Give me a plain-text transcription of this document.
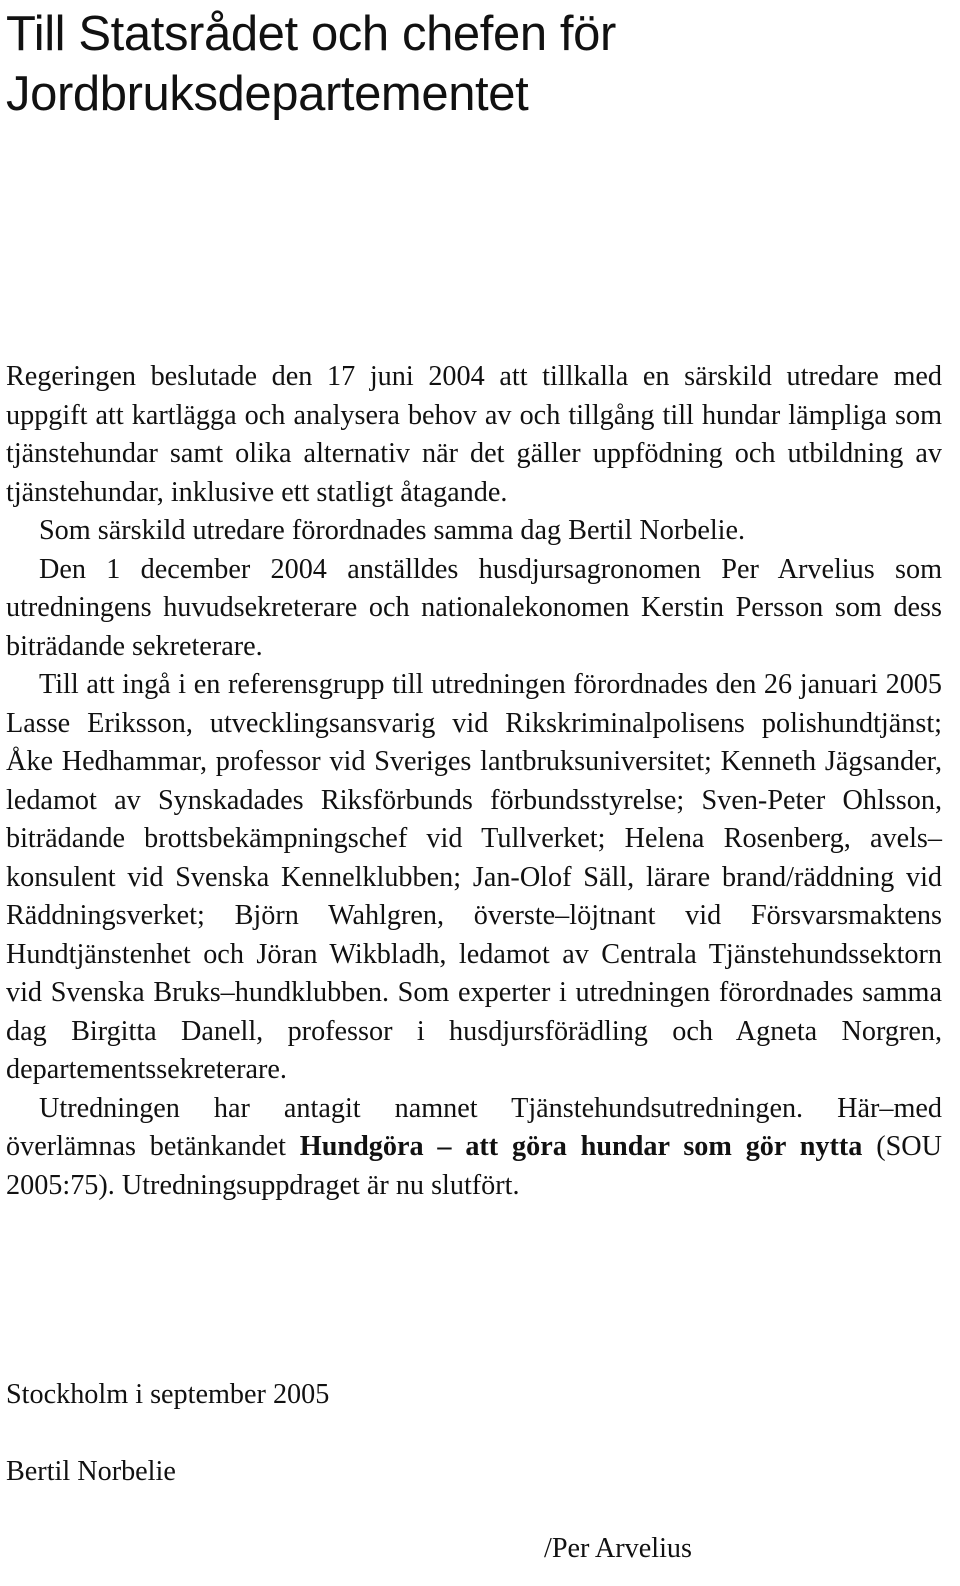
Till Statsrådet och chefen för
Jordbruksdepartementet

Regeringen beslutade den 17 juni 2004 att tillkalla en särskild utredare med uppgift att kartlägga och analysera behov av och tillgång till hundar lämpliga som tjänstehundar samt olika alternativ när det gäller uppfödning och utbildning av tjänstehundar, inklusive ett statligt åtagande.

Som särskild utredare förordnades samma dag Bertil Norbelie.

Den 1 december 2004 anställdes husdjursagronomen Per Arvelius som utredningens huvudsekreterare och nationalekonomen Kerstin Persson som dess biträdande sekreterare.

Till att ingå i en referensgrupp till utredningen förordnades den 26 januari 2005 Lasse Eriksson, utvecklingsansvarig vid Rikskriminalpolisens polishundtjänst; Åke Hedhammar, professor vid Sveriges lantbruksuniversitet; Kenneth Jägsander, ledamot av Synskadades Riksförbunds förbundsstyrelse; Sven-Peter Ohlsson, biträdande brottsbekämpningschef vid Tullverket; Helena Rosenberg, avels–konsulent vid Svenska Kennelklubben; Jan-Olof Säll, lärare brand/räddning vid Räddningsverket; Björn Wahlgren, överste–löjtnant vid Försvarsmaktens Hundtjänstenhet och Jöran Wikbladh, ledamot av Centrala Tjänstehundssektorn vid Svenska Bruks–hundklubben. Som experter i utredningen förordnades samma dag Birgitta Danell, professor i husdjursförädling och Agneta Norgren, departementssekreterare.

Utredningen har antagit namnet Tjänstehundsutredningen. Här–med överlämnas betänkandet Hundgöra – att göra hundar som gör nytta (SOU 2005:75). Utredningsuppdraget är nu slutfört.

Stockholm i september 2005

Bertil Norbelie

/Per Arvelius
